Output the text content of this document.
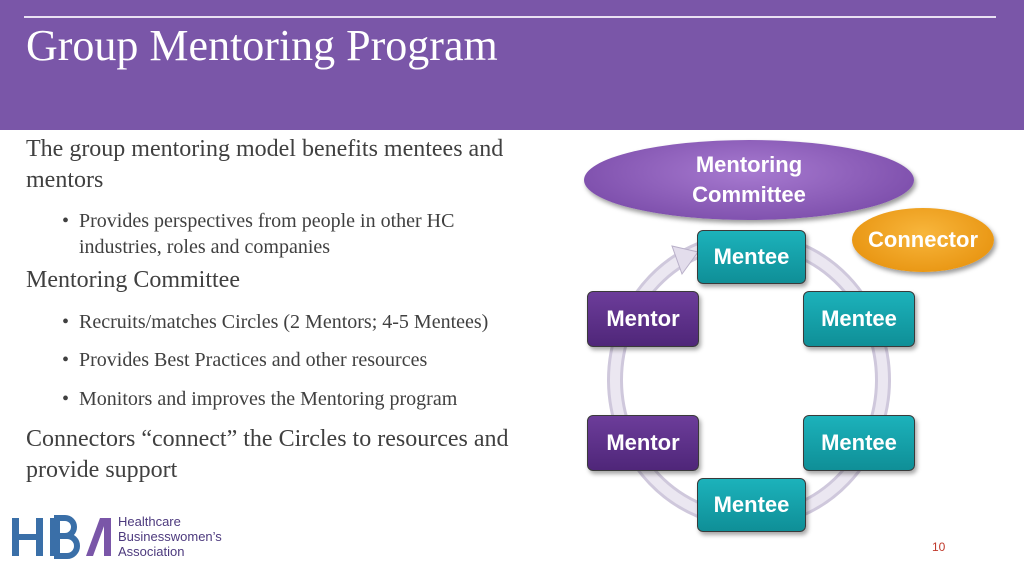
Group Mentoring Program
The group mentoring model benefits mentees and mentors
• Provides perspectives from people in other HC industries, roles and companies
Mentoring Committee
• Recruits/matches Circles (2 Mentors; 4-5 Mentees)
• Provides Best Practices and other resources
• Monitors and improves the Mentoring program
Connectors “connect” the Circles to resources and provide support
Mentoring
Committee
Connector
Mentee
Mentor	Mentee
Mentor	Mentee
Mentee
Healthcare
Businesswomen’s
Association	10
